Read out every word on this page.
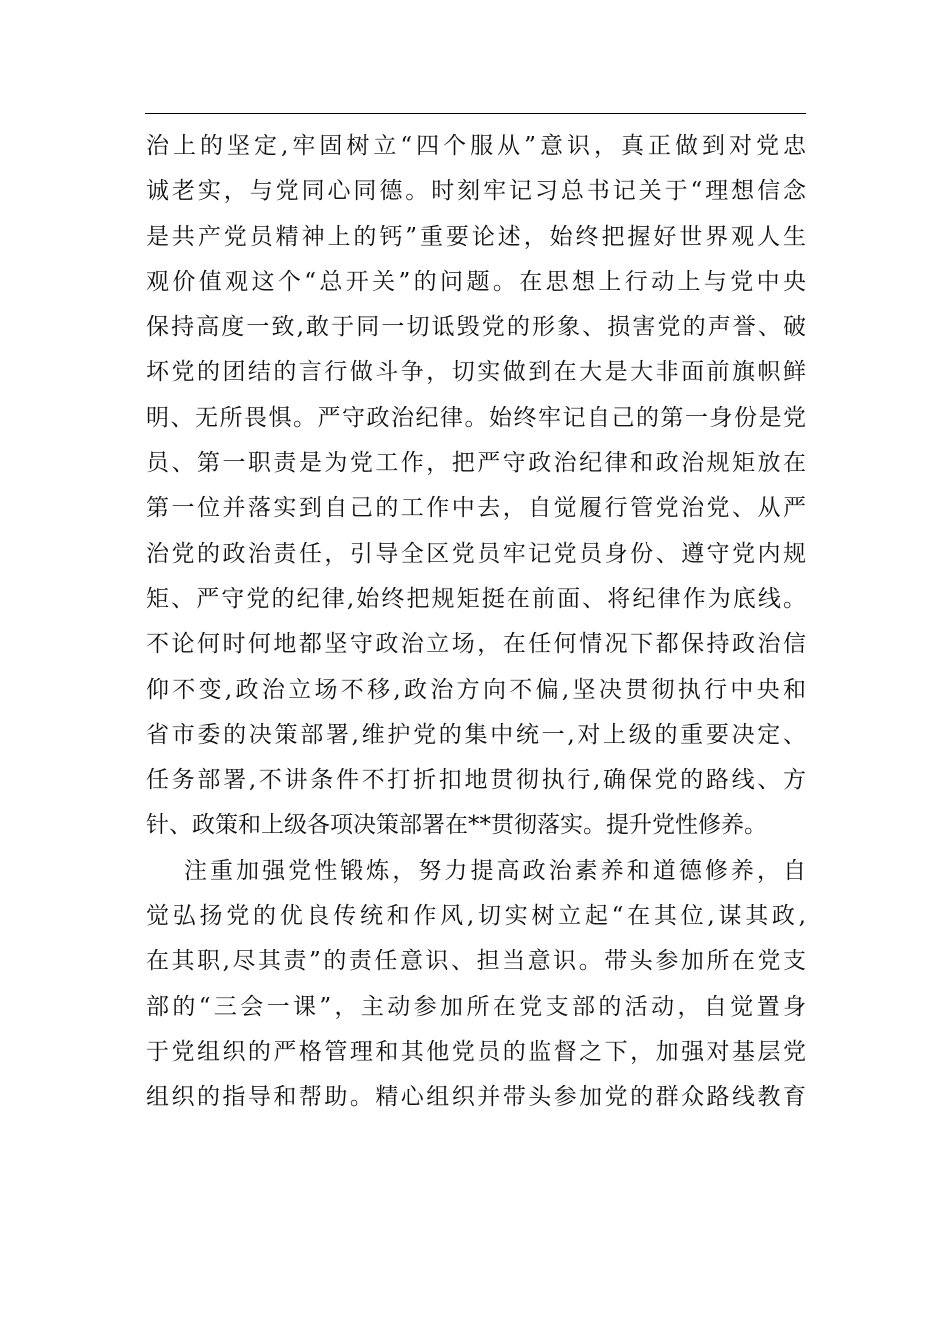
治上的坚定,牢固树立“四个服从”意识，真正做到对党忠
诚老实，与党同心同德。时刻牢记习总书记关于“理想信念
是共产党员精神上的钙”重要论述，始终把握好世界观人生
观价值观这个“总开关”的问题。在思想上行动上与党中央
保持高度一致,敢于同一切诋毁党的形象、损害党的声誉、破
坏党的团结的言行做斗争，切实做到在大是大非面前旗帜鲜
明、无所畏惧。严守政治纪律。始终牢记自己的第一身份是党
员、第一职责是为党工作，把严守政治纪律和政治规矩放在
第一位并落实到自己的工作中去，自觉履行管党治党、从严
治党的政治责任，引导全区党员牢记党员身份、遵守党内规
矩、严守党的纪律,始终把规矩挺在前面、将纪律作为底线。
不论何时何地都坚守政治立场，在任何情况下都保持政治信
仰不变,政治立场不移,政治方向不偏,坚决贯彻执行中央和
省市委的决策部署,维护党的集中统一,对上级的重要决定、
任务部署,不讲条件不打折扣地贯彻执行,确保党的路线、方
针、政策和上级各项决策部署在**贯彻落实。提升党性修养。
注重加强党性锻炼，努力提高政治素养和道德修养，自
觉弘扬党的优良传统和作风,切实树立起“在其位,谋其政,
在其职,尽其责”的责任意识、担当意识。带头参加所在党支
部的“三会一课”，主动参加所在党支部的活动，自觉置身
于党组织的严格管理和其他党员的监督之下，加强对基层党
组织的指导和帮助。精心组织并带头参加党的群众路线教育
